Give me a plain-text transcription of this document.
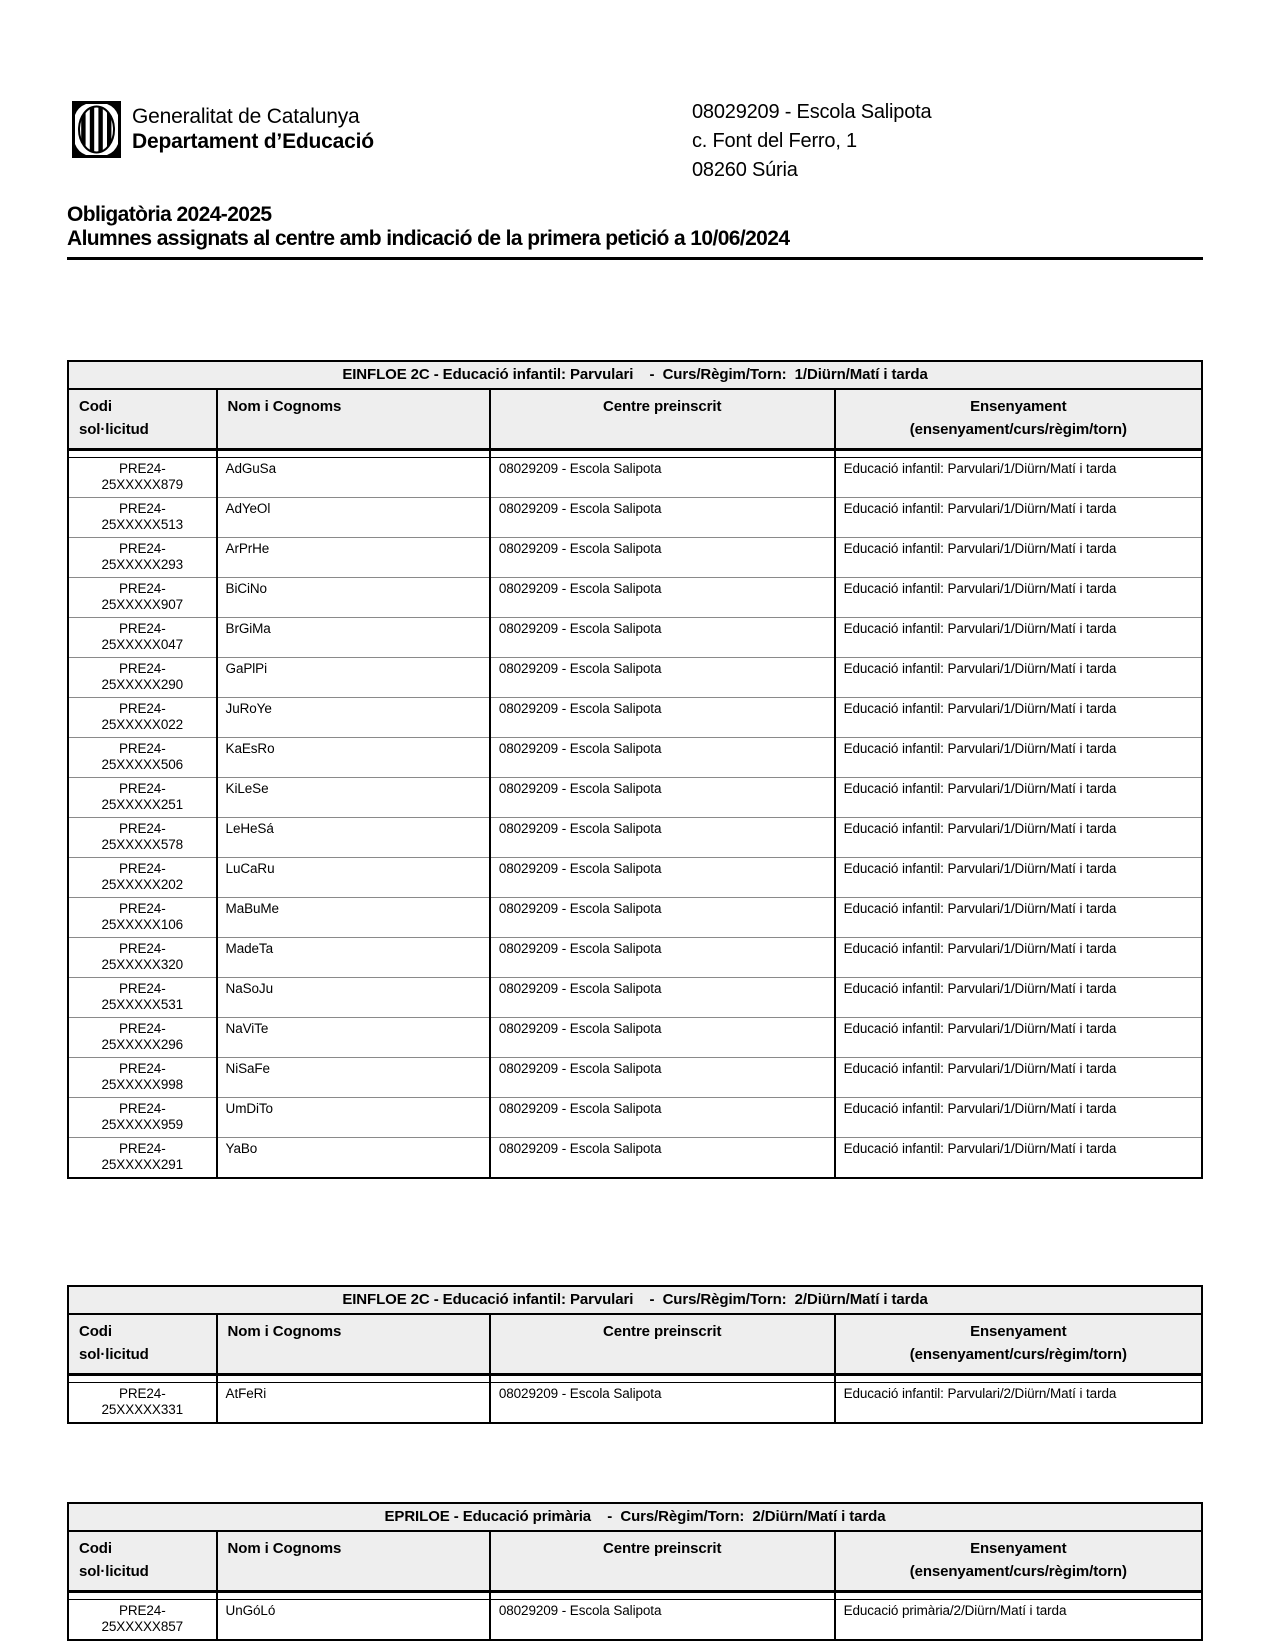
Generalitat de Catalunya
Departament d’Educació
08029209 - Escola Salipota
c. Font del Ferro, 1
08260 Súria
Obligatòria 2024-2025
Alumnes assignats al centre amb indicació de la primera petició a 10/06/2024
EINFLOE 2C - Educació infantil: Parvulari    -  Curs/Règim/Torn:  1/Diürn/Matí i tarda			

Codi
sol·licitud
	Nom i Cognoms	Centre preinscrit	Ensenyament
(ensenyament/curs/règim/torn)

PRE24-
25XXXXX879	AdGuSa	08029209 - Escola Salipota	Educació infantil: Parvulari/1/Diürn/Matí i tarda

PRE24-
25XXXXX513	AdYeOl	08029209 - Escola Salipota	Educació infantil: Parvulari/1/Diürn/Matí i tarda

PRE24-
25XXXXX293	ArPrHe	08029209 - Escola Salipota	Educació infantil: Parvulari/1/Diürn/Matí i tarda

PRE24-
25XXXXX907	BiCiNo	08029209 - Escola Salipota	Educació infantil: Parvulari/1/Diürn/Matí i tarda

PRE24-
25XXXXX047	BrGiMa	08029209 - Escola Salipota	Educació infantil: Parvulari/1/Diürn/Matí i tarda

PRE24-
25XXXXX290	GaPlPi	08029209 - Escola Salipota	Educació infantil: Parvulari/1/Diürn/Matí i tarda

PRE24-
25XXXXX022	JuRoYe	08029209 - Escola Salipota	Educació infantil: Parvulari/1/Diürn/Matí i tarda

PRE24-
25XXXXX506	KaEsRo	08029209 - Escola Salipota	Educació infantil: Parvulari/1/Diürn/Matí i tarda

PRE24-
25XXXXX251	KiLeSe	08029209 - Escola Salipota	Educació infantil: Parvulari/1/Diürn/Matí i tarda

PRE24-
25XXXXX578	LeHeSá	08029209 - Escola Salipota	Educació infantil: Parvulari/1/Diürn/Matí i tarda

PRE24-
25XXXXX202	LuCaRu	08029209 - Escola Salipota	Educació infantil: Parvulari/1/Diürn/Matí i tarda

PRE24-
25XXXXX106	MaBuMe	08029209 - Escola Salipota	Educació infantil: Parvulari/1/Diürn/Matí i tarda

PRE24-
25XXXXX320	MadeTa	08029209 - Escola Salipota	Educació infantil: Parvulari/1/Diürn/Matí i tarda

PRE24-
25XXXXX531	NaSoJu	08029209 - Escola Salipota	Educació infantil: Parvulari/1/Diürn/Matí i tarda

PRE24-
25XXXXX296	NaViTe	08029209 - Escola Salipota	Educació infantil: Parvulari/1/Diürn/Matí i tarda

PRE24-
25XXXXX998	NiSaFe	08029209 - Escola Salipota	Educació infantil: Parvulari/1/Diürn/Matí i tarda

PRE24-
25XXXXX959	UmDiTo	08029209 - Escola Salipota	Educació infantil: Parvulari/1/Diürn/Matí i tarda

PRE24-
25XXXXX291	YaBo	08029209 - Escola Salipota	Educació infantil: Parvulari/1/Diürn/Matí i tarda
EINFLOE 2C - Educació infantil: Parvulari    -  Curs/Règim/Torn:  2/Diürn/Matí i tarda			

Codi
sol·licitud
	Nom i Cognoms	Centre preinscrit	Ensenyament
(ensenyament/curs/règim/torn)

PRE24-
25XXXXX331	AtFeRi	08029209 - Escola Salipota	Educació infantil: Parvulari/2/Diürn/Matí i tarda
EPRILOE - Educació primària    -  Curs/Règim/Torn:  2/Diürn/Matí i tarda			

Codi
sol·licitud
	Nom i Cognoms	Centre preinscrit	Ensenyament
(ensenyament/curs/règim/torn)

PRE24-
25XXXXX857	UnGóLó	08029209 - Escola Salipota	Educació primària/2/Diürn/Matí i tarda
